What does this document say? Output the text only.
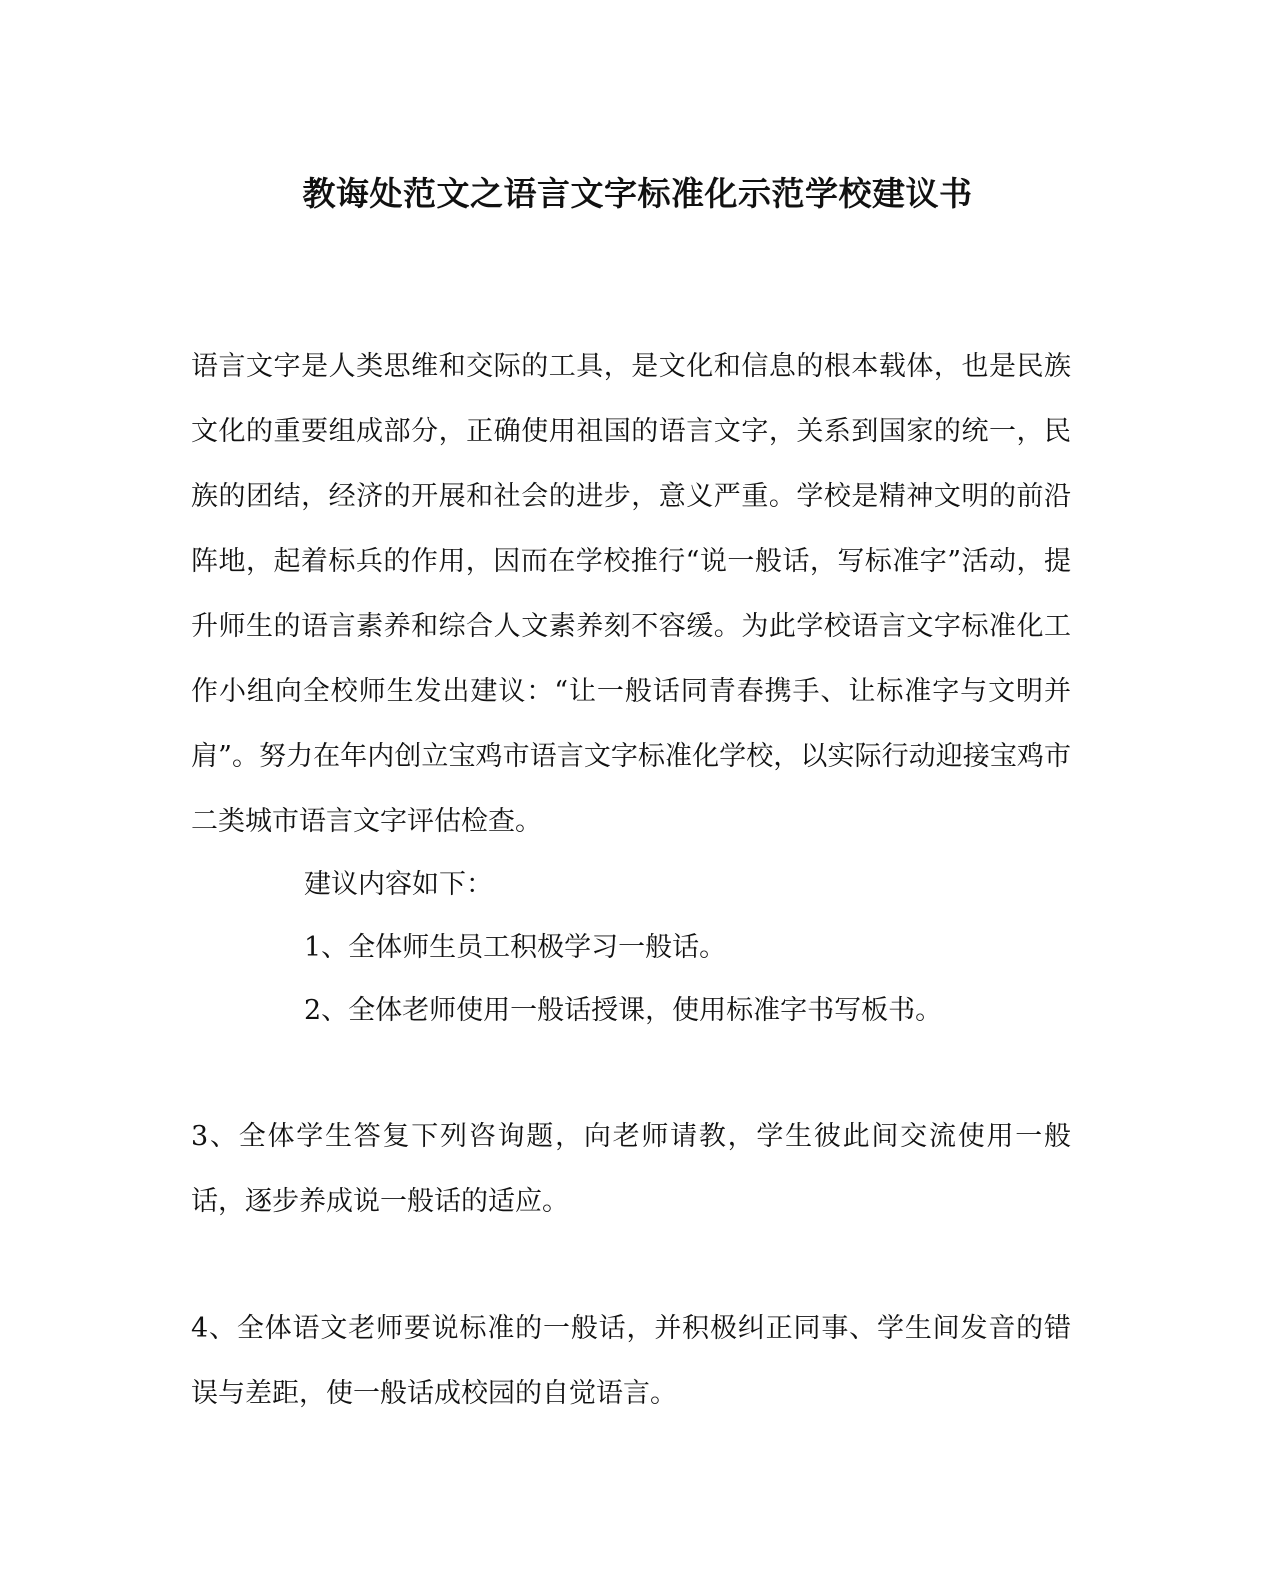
教诲处范文之语言文字标准化示范学校建议书
语言文字是人类思维和交际的工具，是文化和信息的根本载体，也是民族文化的重要组成部分，正确使用祖国的语言文字，关系到国家的统一，民族的团结，经济的开展和社会的进步，意义严重。学校是精神文明的前沿阵地，起着标兵的作用，因而在学校推行“说一般话，写标准字”活动，提升师生的语言素养和综合人文素养刻不容缓。为此学校语言文字标准化工作小组向全校师生发出建议：“让一般话同青春携手、让标准字与文明并肩”。努力在年内创立宝鸡市语言文字标准化学校，以实际行动迎接宝鸡市二类城市语言文字评估检查。
建议内容如下：
1、全体师生员工积极学习一般话。
2、全体老师使用一般话授课，使用标准字书写板书。
3、全体学生答复下列咨询题，向老师请教，学生彼此间交流使用一般话，逐步养成说一般话的适应。
4、全体语文老师要说标准的一般话，并积极纠正同事、学生间发音的错误与差距，使一般话成校园的自觉语言。
